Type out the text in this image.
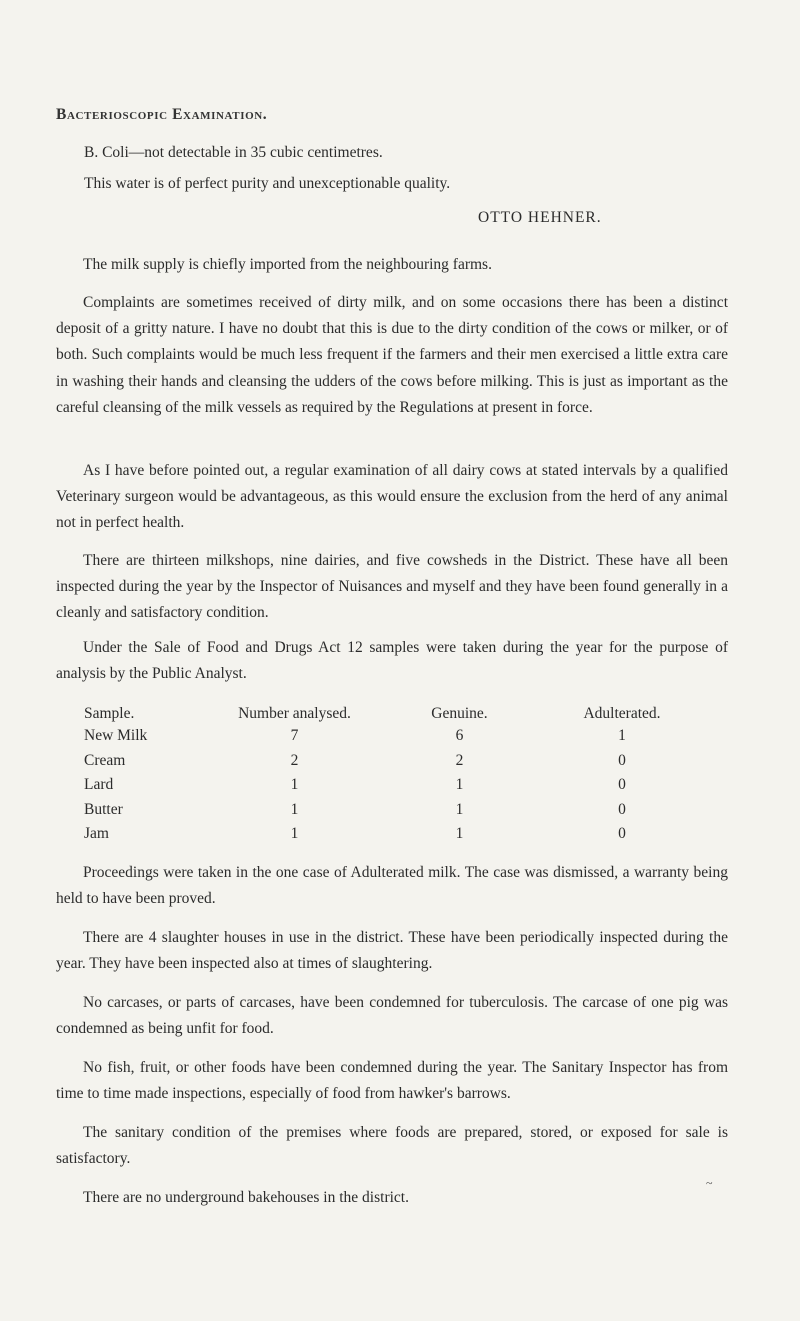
Bacterioscopic Examination.
B. Coli—not detectable in 35 cubic centimetres.
This water is of perfect purity and unexceptionable quality.
OTTO HEHNER.
The milk supply is chiefly imported from the neighbouring farms.
Complaints are sometimes received of dirty milk, and on some occasions there has been a distinct deposit of a gritty nature. I have no doubt that this is due to the dirty condition of the cows or milker, or of both. Such complaints would be much less frequent if the farmers and their men exercised a little extra care in washing their hands and cleansing the udders of the cows before milking. This is just as important as the careful cleansing of the milk vessels as required by the Regulations at present in force.
As I have before pointed out, a regular examination of all dairy cows at stated intervals by a qualified Veterinary surgeon would be advantageous, as this would ensure the exclusion from the herd of any animal not in perfect health.
There are thirteen milkshops, nine dairies, and five cowsheds in the District. These have all been inspected during the year by the Inspector of Nuisances and myself and they have been found generally in a cleanly and satisfactory condition.
Under the Sale of Food and Drugs Act 12 samples were taken during the year for the purpose of analysis by the Public Analyst.
Sample.	Number analysed.	Genuine.	Adulterated.
New Milk	7	6	1
Cream	2	2	0
Lard	1	1	0
Butter	1	1	0
Jam	1	1	0
Proceedings were taken in the one case of Adulterated milk. The case was dismissed, a warranty being held to have been proved.
There are 4 slaughter houses in use in the district. These have been periodically inspected during the year. They have been inspected also at times of slaughtering.
No carcases, or parts of carcases, have been condemned for tuberculosis. The carcase of one pig was condemned as being unfit for food.
No fish, fruit, or other foods have been condemned during the year. The Sanitary Inspector has from time to time made inspections, especially of food from hawker's barrows.
The sanitary condition of the premises where foods are prepared, stored, or exposed for sale is satisfactory.
There are no underground bakehouses in the district.
~
